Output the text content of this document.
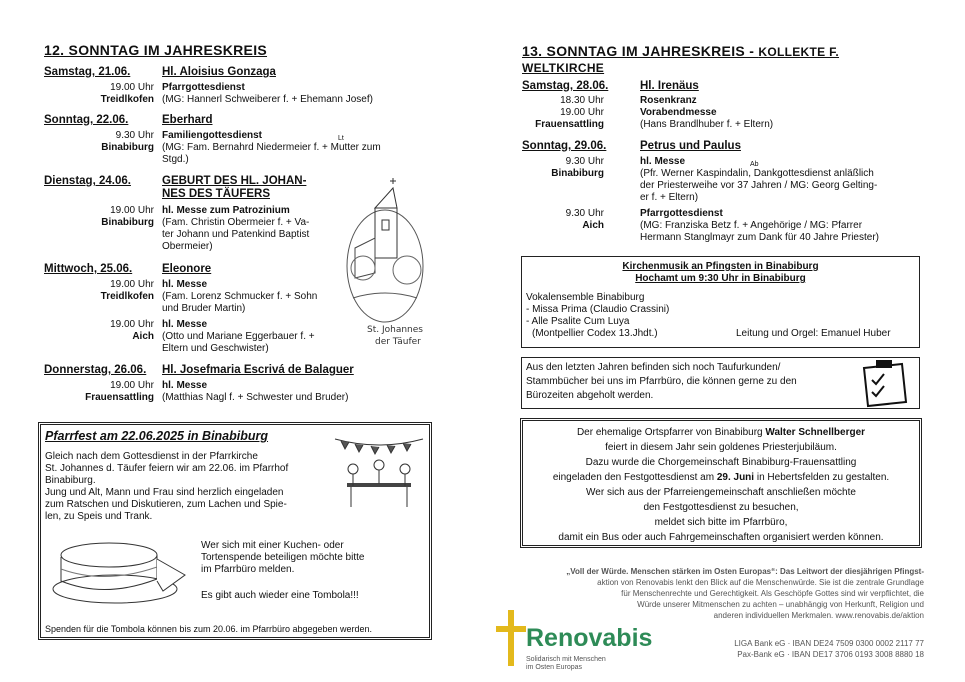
12. SONNTAG IM JAHRESKREIS
Samstag, 21.06.	Hl. Aloisius Gonzaga
19.00 Uhr Pfarrgottesdienst
Treidlkofen (MG: Hannerl Schweiberer f. + Ehemann Josef)
Sonntag, 22.06.	Eberhard
9.30 Uhr Familiengottesdienst	Lt
Binabiburg (MG: Fam. Bernahrd Niedermeier f. + Mutter zum
Stgd.)
Dienstag, 24.06.	GEBURT DES HL. JOHAN-
NES DES TÄUFERS
19.00 Uhr hl. Messe zum Patrozinium
Binabiburg (Fam. Christin Obermeier f. + Va-
ter Johann und Patenkind Baptist
Obermeier)
Mittwoch, 25.06.	Eleonore
19.00 Uhr hl. Messe
Treidlkofen (Fam. Lorenz Schmucker f. + Sohn
und Bruder Martin)
19.00 Uhr hl. Messe
Aich (Otto und Mariane Eggerbauer f. +
Eltern und Geschwister)
Donnerstag, 26.06. Hl. Josefmaria Escrivá de Balaguer
19.00 Uhr hl. Messe
Frauensattling (Matthias Nagl f. + Schwester und Bruder)
St. Johannes
der Täufer
Pfarrfest am 22.06.2025 in Binabiburg
Gleich nach dem Gottesdienst in der Pfarrkirche
St. Johannes d. Täufer feiern wir am 22.06. im Pfarrhof
Binabiburg.
Jung und Alt, Mann und Frau sind herzlich eingeladen
zum Ratschen und Diskutieren, zum Lachen und Spie-
len, zu Speis und Trank.
Wer sich mit einer Kuchen- oder
Tortenspende beteiligen möchte bitte
im Pfarrbüro melden.
Es gibt auch wieder eine Tombola!!!
Spenden für die Tombola können bis zum 20.06. im Pfarrbüro abgegeben werden.
13. SONNTAG IM JAHRESKREIS - KOLLEKTE F.
WELTKIRCHE
Samstag, 28.06.	Hl. Irenäus
18.30 Uhr	Rosenkranz
19.00 Uhr	Vorabendmesse
Frauensattling	(Hans Brandlhuber f. + Eltern)
Sonntag, 29.06.	Petrus und Paulus
9.30 Uhr	hl. Messe	Ab
Binabiburg	(Pfr. Werner Kaspindalin, Dankgottesdienst anläßlich
der Priesterweihe vor 37 Jahren / MG: Georg Gelting-
er f. + Eltern)
9.30 Uhr	Pfarrgottesdienst
Aich	(MG: Franziska Betz f. + Angehörige / MG: Pfarrer
Hermann Stanglmayr zum Dank für 40 Jahre Priester)
Kirchenmusik an Pfingsten in Binabiburg
Hochamt um 9:30 Uhr in Binabiburg
Vokalensemble Binabiburg
- Missa Prima (Claudio Crassini)
- Alle Psalite Cum Luya
(Montpellier Codex 13.Jhdt.)	Leitung und Orgel: Emanuel Huber
Aus den letzten Jahren befinden sich noch Taufurkunden/
Stammbücher bei uns im Pfarrbüro, die können gerne zu den
Bürozeiten abgeholt werden.
Der ehemalige Ortspfarrer von Binabiburg Walter Schnellberger
feiert in diesem Jahr sein goldenes Priesterjubiläum.
Dazu wurde die Chorgemeinschaft Binabiburg-Frauensattling
eingeladen den Festgottesdienst am 29. Juni in Hebertsfelden zu gestalten.
Wer sich aus der Pfarreiengemeinschaft anschließen möchte
den Festgottesdienst zu besuchen,
meldet sich bitte im Pfarrbüro,
damit ein Bus oder auch Fahrgemeinschaften organisiert werden können.
„Voll der Würde. Menschen stärken im Osten Europas“: Das Leitwort der diesjährigen Pfingst-
aktion von Renovabis lenkt den Blick auf die Menschenwürde. Sie ist die zentrale Grundlage
für Menschenrechte und Gerechtigkeit. Als Geschöpfe Gottes sind wir verpflichtet, die
Würde unserer Mitmenschen zu achten – unabhängig von Herkunft, Religion und
anderen individuellen Merkmalen. www.renovabis.de/aktion
Renovabis
Solidarisch mit Menschen
im Osten Europas
LIGA Bank eG · IBAN DE24 7509 0300 0002 2117 77
Pax-Bank eG · IBAN DE17 3706 0193 3008 8880 18
